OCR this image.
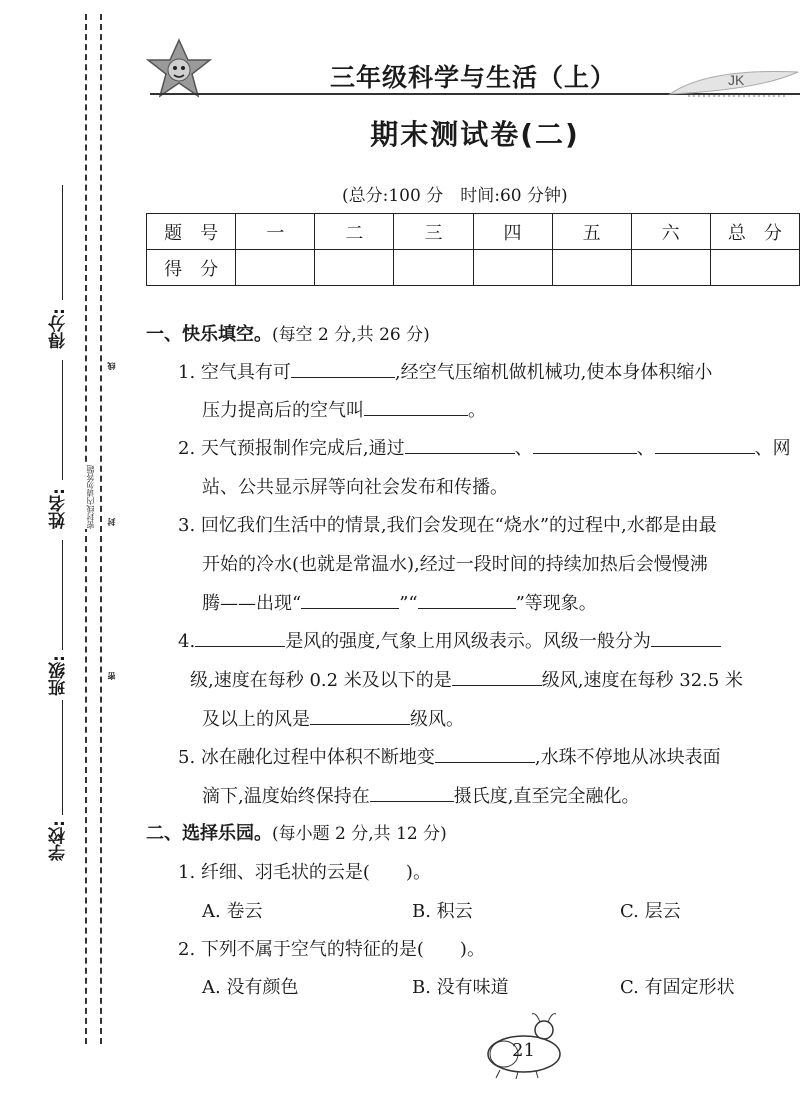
得分:
姓名:
班级:
学校:
密封线内请勿答题
线
封
密
三年级科学与生活（上）	JK
期末测试卷(二)
(总分:100 分　时间:60 分钟)
题　号	一	二	三	四	五	六	总　分
得　分							
一、快乐填空。(每空 2 分,共 26 分)
1. 空气具有可	,经空气压缩机做机械功,使本身体积缩小
压力提高后的空气叫	。
2. 天气预报制作完成后,通过	、	、	、网
站、公共显示屏等向社会发布和传播。
3. 回忆我们生活中的情景,我们会发现在“烧水”的过程中,水都是由最
开始的冷水(也就是常温水),经过一段时间的持续加热后会慢慢沸
腾——出现“	”“	”等现象。
4.	是风的强度,气象上用风级表示。风级一般分为
级,速度在每秒 0.2 米及以下的是	级风,速度在每秒 32.5 米
及以上的风是	级风。
5. 冰在融化过程中体积不断地变	,水珠不停地从冰块表面
滴下,温度始终保持在	摄氏度,直至完全融化。
二、选择乐园。(每小题 2 分,共 12 分)
1. 纤细、羽毛状的云是(　　)。
A. 卷云	B. 积云	C. 层云
2. 下列不属于空气的特征的是(　　)。
A. 没有颜色	B. 没有味道	C. 有固定形状
21
